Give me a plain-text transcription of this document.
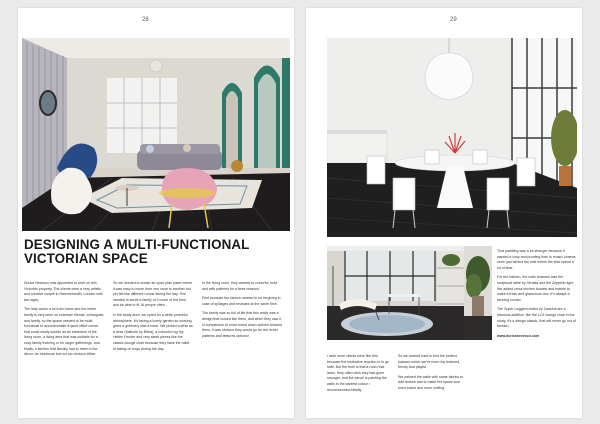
28
DESIGNING A MULTI-FUNCTIONAL
VICTORIAN SPACE

Dorica Nevesco was appointed to work on this Victorian property. The clients were a very artistic and creative couple in Hammersmith, London with two ages.

The lady works a lot from home and the entire family is very keen on entertain friends, colleagues and family, so the space needed to be multi-functional to accommodate a quiet office corner that could easily double as an extension of the living room, a living area that was suitable for a cosy family evening or for larger gatherings, and finally, a kitchen that literally had to meet to the decor, be functional but not too obvious either.

So we needed to create an open plan place where it was easy to move from one zone to another but yet felt like different rooms during the day. She needed to serve a family of 4 much of the time, and be able to fit 16 people often.

In the study area, we opted for a white peaceful atmosphere. It's facing a lovely garden so working gives a greenery was a must. We picked a desk as a desk (Mallorie by Birba), a colourful rug (by Hellen Fender and very sleek pieces like the classic lounge chair because they have the habit of taking on trays during the day.

In the living room, they wanted to colourful, bold and with patterns for a fews reasons.

First because the fabrics needed to be forgiving in case of spillages and resistant at the same time.

The family was so full of life that this really was a design that looked like them, and when they saw it in comparison to more toned down options showed them, it was obvious they would go for the richer patterns and textures options!

29

I wish more clients were like this, because the instinctive reaction is to go safe. But the truth is that a room that lacks, they often wish they had gone stronger, and the pencil is painting the walls in the darkest colour I recommended initially.

So we worked hard to find the perfect balance which we've more toy featured, trendy and playful.

We painted the walls with same fabrics to add texture and to make the space look even cosier and more inviting.

That paddling was a lot stranger because it wanted a cosy and proofing then is music/ cinema room just behind the wall where the kids spend a lot of time.

For the kitchen, the main features was the sculptural table by Ornatia and the Zeppelin light. We added cross kitchen faucets and marble to make it fresh and glamorous ctor. It's always a winning combo.

The Super Leggera chairs by Cassina are a fabulous addition, like the LC4 lounge chair in the study, it's a design classic, that will never go out of fashion.

www.doricanevesco.com
